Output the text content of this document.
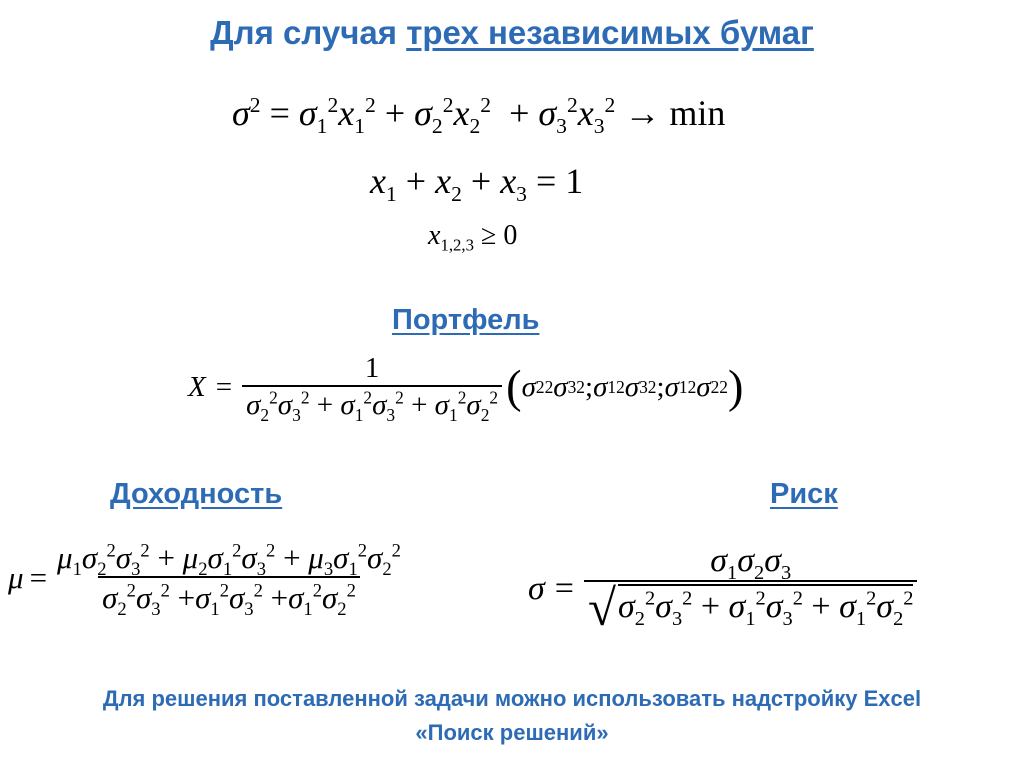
Для случая трех независимых бумаг
$\sigma^2 = \sigma_1^2x_1^2 + \sigma_2^2x_2^2 + \sigma_3^2x_3^2 \to \min$
$x_1 + x_2 + x_3 = 1$
$x_{1,2,3} \ge 0$
Портфель
$X = \frac{1}{\sigma_2^2\sigma_3^2 + \sigma_1^2\sigma_3^2 + \sigma_1^2\sigma_2^2}$ ( σ 2 2 σ 3 2 ; σ 1 2 σ 3 2 ; σ 1 2 σ 2 2 )
Доходность	Риск
$\mu = \frac{\mu_1\sigma_2^2\sigma_3^2 + \mu_2\sigma_1^2\sigma_3^2 + \mu_3\sigma_1^2\sigma_2^2}{\sigma_2^2\sigma_3^2 +\sigma_1^2\sigma_3^2 +\sigma_1^2\sigma_2^2}$	$\sigma = \frac{\sigma_1\sigma_2\sigma_3}{√ \sigma_2^2\sigma_3^2 + \sigma_1^2\sigma_3^2 + \sigma_1^2\sigma_2^2}$
Для решения поставленной задачи можно использовать надстройку Excel
«Поиск решений»
